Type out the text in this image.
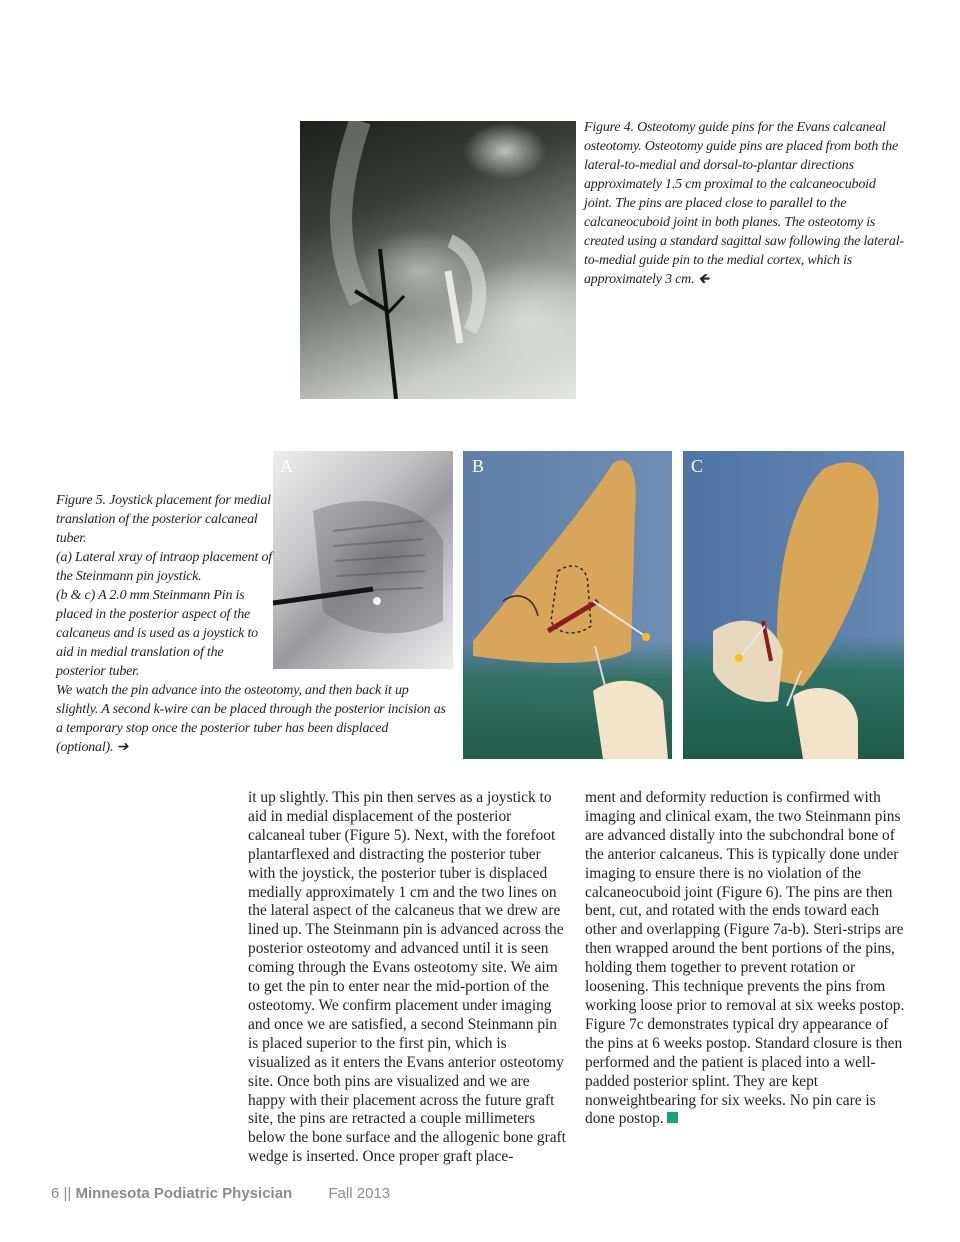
Figure 4. Osteotomy guide pins for the Evans calcaneal osteotomy. Osteotomy guide pins are placed from both the lateral-to-medial and dorsal-to-plantar directions approximately 1.5 cm proximal to the calcaneocuboid joint. The pins are placed close to parallel to the calcaneocuboid joint in both planes. The osteotomy is created using a standard sagittal saw following the lateral-to-medial guide pin to the medial cortex, which is approximately 3 cm. 🡸
A	B	C
Figure 5. Joystick placement for medial translation of the posterior calcaneal tuber.
(a) Lateral xray of intraop placement of the Steinmann pin joystick.
(b & c) A 2.0 mm Steinmann Pin is placed in the posterior aspect of the calcaneus and is used as a joystick to aid in medial translation of the posterior tuber.
We watch the pin advance into the osteotomy, and then back it up slightly. A second k-wire can be placed through the posterior incision as a temporary stop once the posterior tuber has been displaced (optional). ➔
it up slightly. This pin then serves as a joystick to aid in medial displacement of the posterior calcaneal tuber (Figure 5). Next, with the forefoot plantarflexed and distracting the posterior tuber with the joystick, the posterior tuber is displaced medially approximately 1 cm and the two lines on the lateral aspect of the calcaneus that we drew are lined up. The Steinmann pin is advanced across the posterior osteotomy and advanced until it is seen coming through the Evans osteotomy site. We aim to get the pin to enter near the mid-portion of the osteotomy. We confirm placement under imaging and once we are satisfied, a second Steinmann pin is placed superior to the first pin, which is visualized as it enters the Evans anterior osteotomy site. Once both pins are visualized and we are happy with their placement across the future graft site, the pins are retracted a couple millimeters below the bone surface and the allogenic bone graft wedge is inserted. Once proper graft place-
ment and deformity reduction is confirmed with imaging and clinical exam, the two Steinmann pins are advanced distally into the subchondral bone of the anterior calcaneus. This is typically done under imaging to ensure there is no violation of the calcaneocuboid joint (Figure 6). The pins are then bent, cut, and rotated with the ends toward each other and overlapping (Figure 7a-b). Steri-strips are then wrapped around the bent portions of the pins, holding them together to prevent rotation or loosening. This technique prevents the pins from working loose prior to removal at six weeks postop. Figure 7c demonstrates typical dry appearance of the pins at 6 weeks postop. Standard closure is then performed and the patient is placed into a well-padded posterior splint. They are kept nonweightbearing for six weeks. No pin care is done postop.
6 || Minnesota Podiatric Physician Fall 2013
